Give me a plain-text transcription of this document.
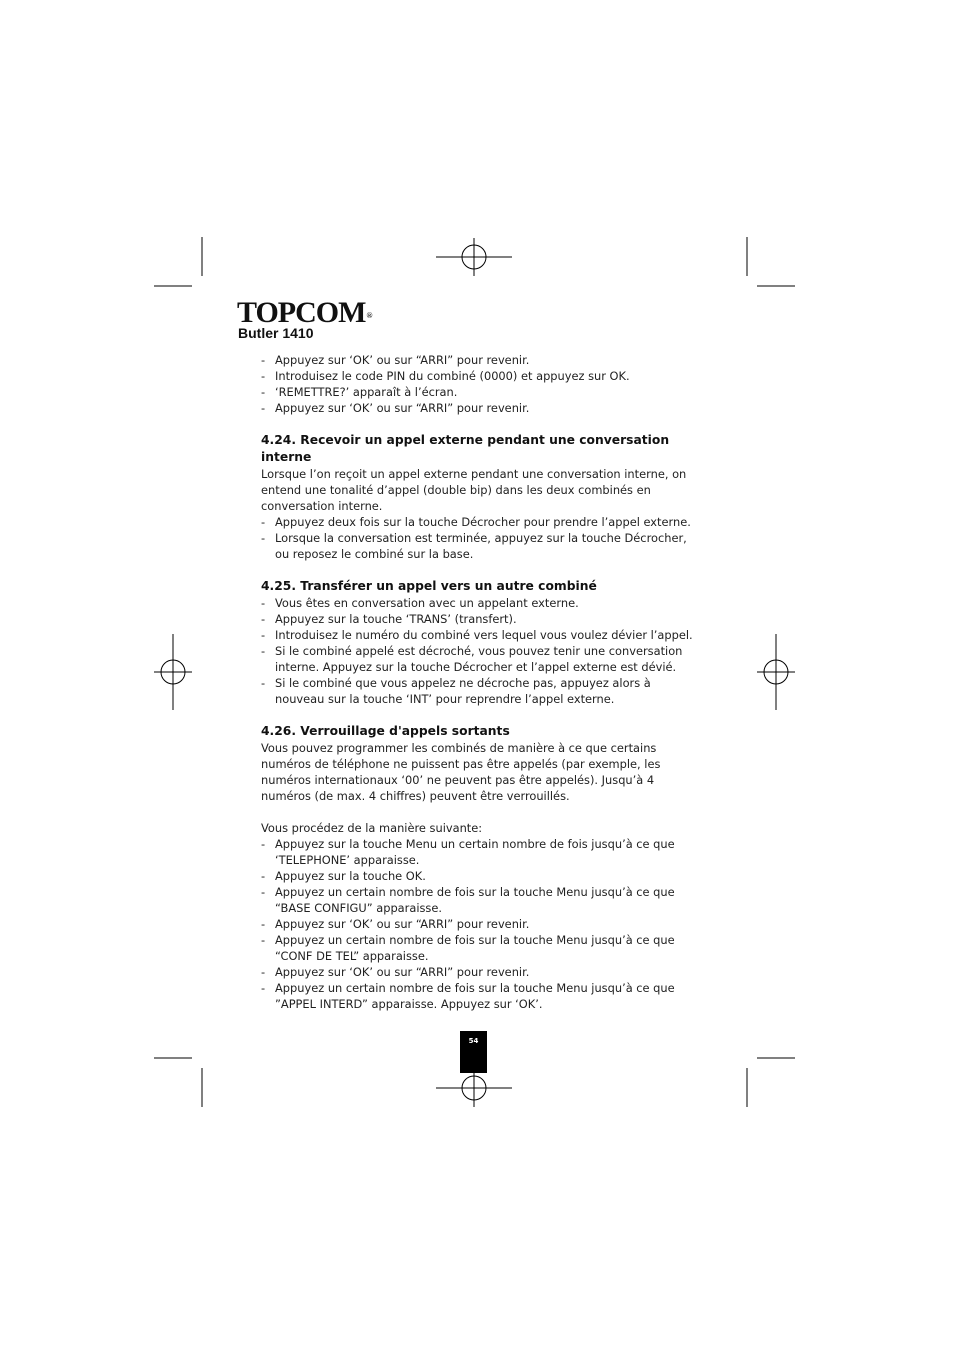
TOPCOM®
Butler 1410
- Appuyez sur ‘OK’ ou sur “ARRI” pour revenir.
- Introduisez le code PIN du combiné (0000) et appuyez sur OK.
- ‘REMETTRE?’ apparaît à l’écran.
- Appuyez sur ‘OK’ ou sur “ARRI” pour revenir.
4.24. Recevoir un appel externe pendant une conversation interne

Lorsque l’on reçoit un appel externe pendant une conversation interne, on entend une tonalité d’appel (double bip) dans les deux combinés en conversation interne.

- Appuyez deux fois sur la touche Décrocher pour prendre l’appel externe.
- Lorsque la conversation est terminée, appuyez sur la touche Décrocher, ou reposez le combiné sur la base.
4.25. Transférer un appel vers un autre combiné
- Vous êtes en conversation avec un appelant externe.
- Appuyez sur la touche ‘TRANS’ (transfert).
- Introduisez le numéro du combiné vers lequel vous voulez dévier l’appel.
- Si le combiné appelé est décroché, vous pouvez tenir une conversation interne. Appuyez sur la touche Décrocher et l’appel externe est dévié.
- Si le combiné que vous appelez ne décroche pas, appuyez alors à nouveau sur la touche ‘INT’ pour reprendre l’appel externe.
4.26. Verrouillage d'appels sortants

Vous pouvez programmer les combinés de manière à ce que certains numéros de téléphone ne puissent pas être appelés (par exemple, les numéros internationaux ‘00’ ne peuvent pas être appelés). Jusqu’à 4 numéros (de max. 4 chiffres) peuvent être verrouillés.

Vous procédez de la manière suivante:

- Appuyez sur la touche Menu un certain nombre de fois jusqu’à ce que ‘TELEPHONE’ apparaisse.
- Appuyez sur la touche OK.
- Appuyez un certain nombre de fois sur la touche Menu jusqu’à ce que “BASE CONFIGU” apparaisse.
- Appuyez sur ‘OK’ ou sur “ARRI” pour revenir.
- Appuyez un certain nombre de fois sur la touche Menu jusqu’à ce que “CONF DE TEL” apparaisse.
- Appuyez sur ‘OK’ ou sur “ARRI” pour revenir.
- Appuyez un certain nombre de fois sur la touche Menu jusqu’à ce que ”APPEL INTERD” apparaisse. Appuyez sur ‘OK’.
54
